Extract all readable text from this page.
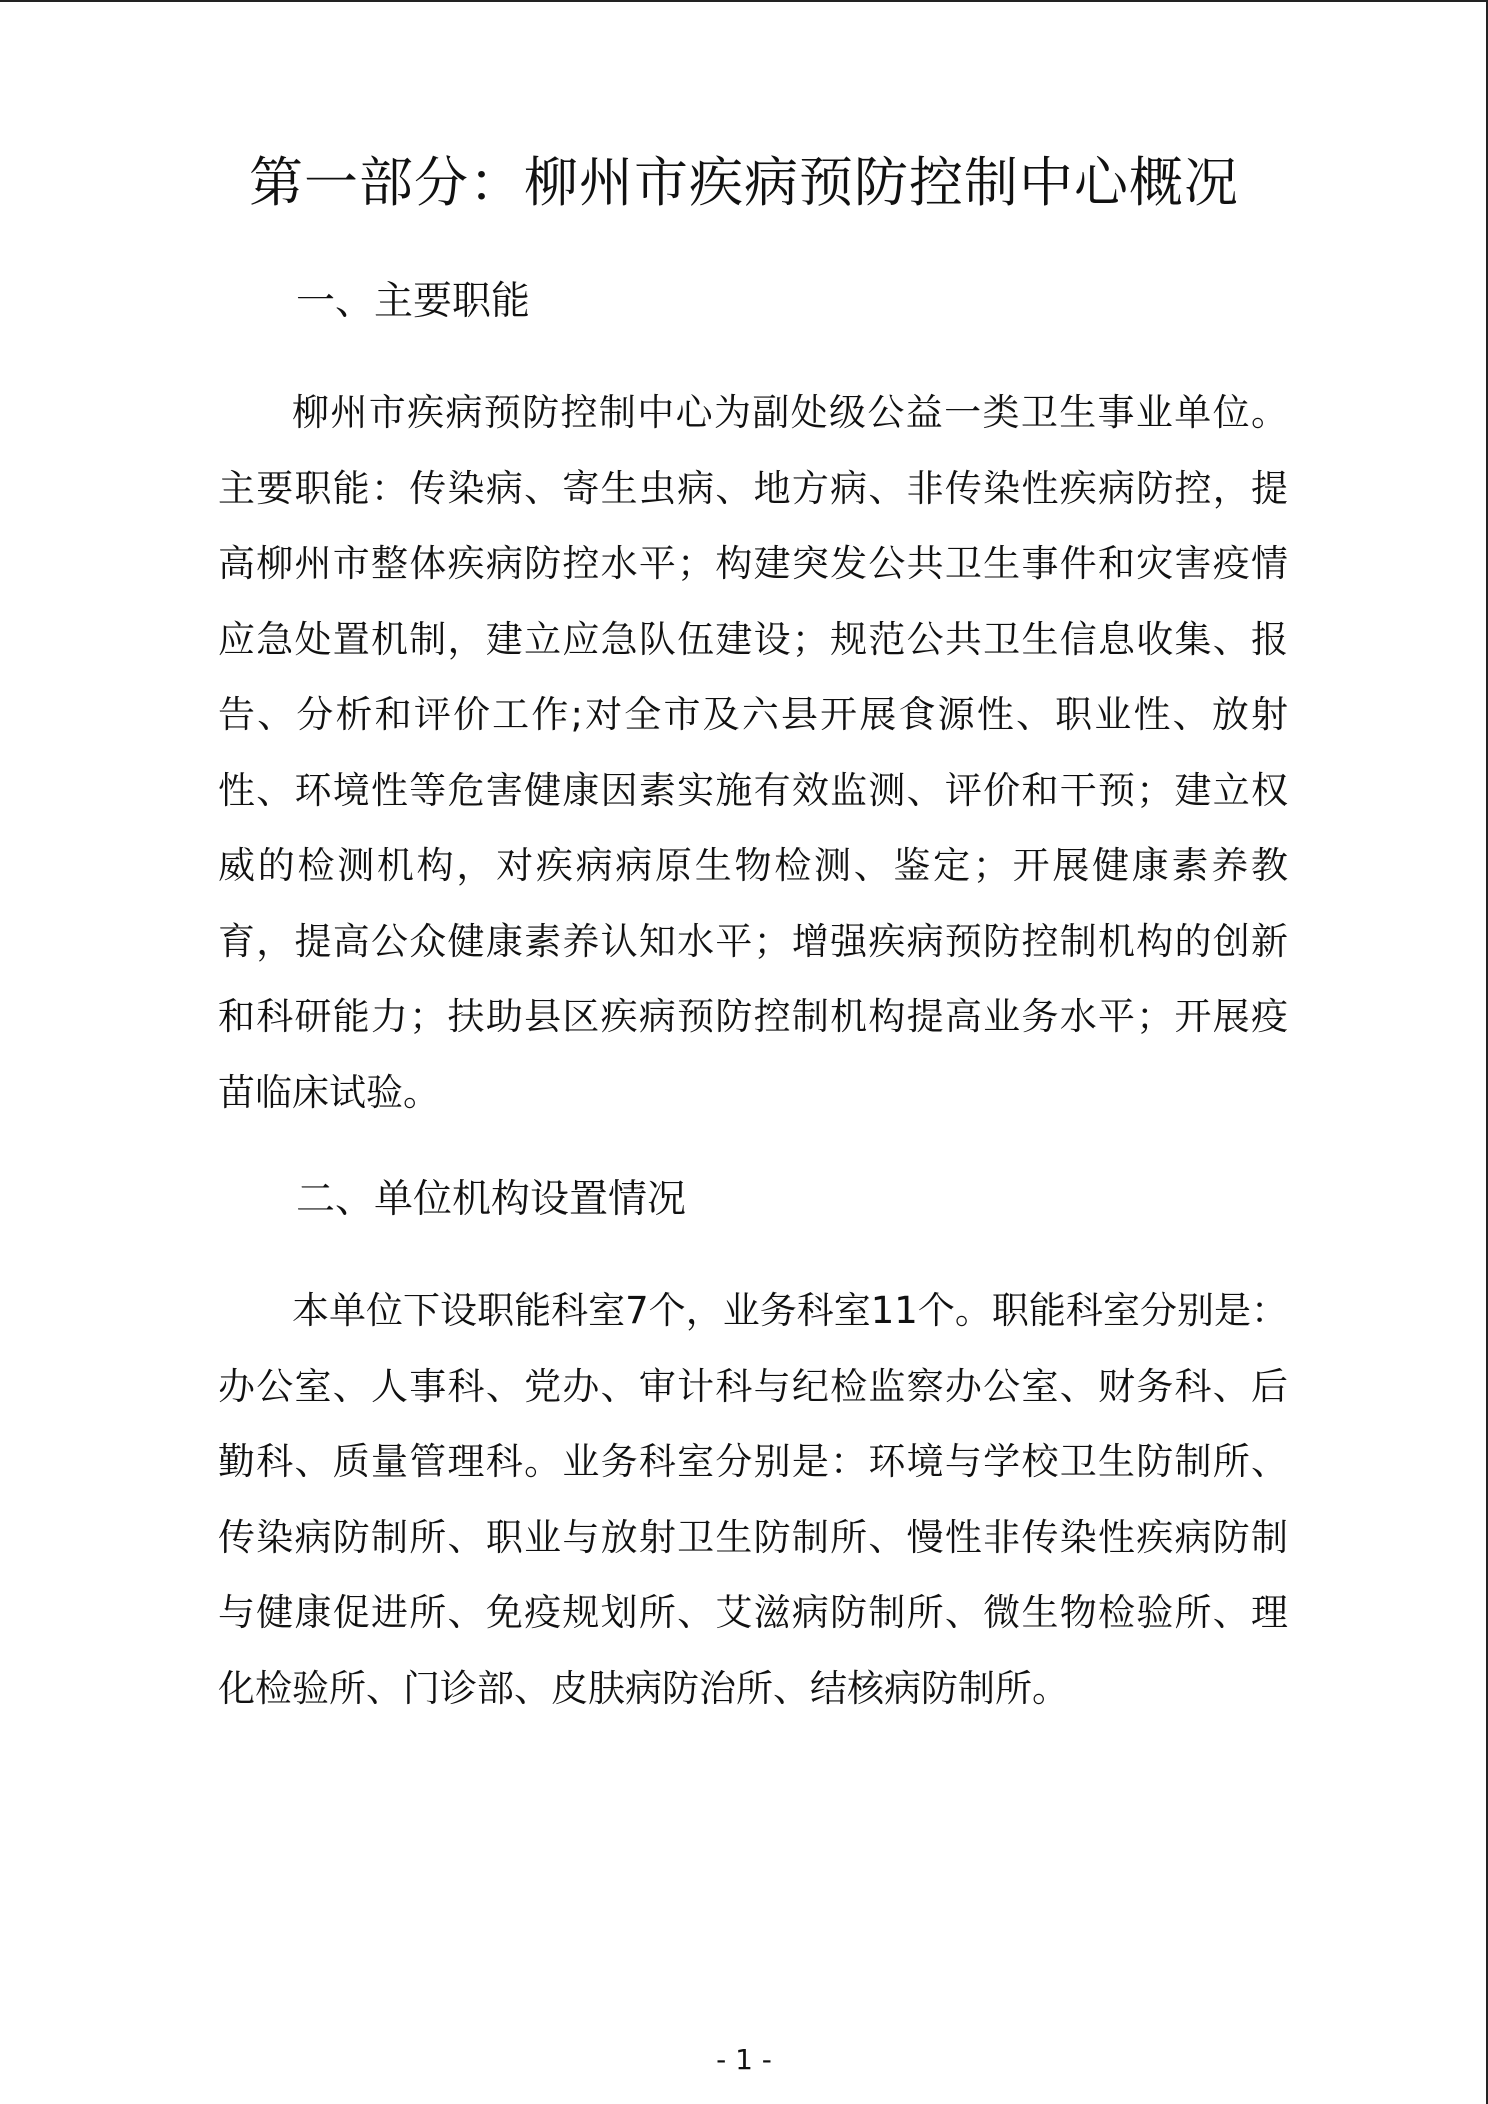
第一部分：柳州市疾病预防控制中心概况
一、主要职能

柳州市疾病预防控制中心为副处级公益一类卫生事业单位。

主要职能：传染病、寄生虫病、地方病、非传染性疾病防控，提

高柳州市整体疾病防控水平；构建突发公共卫生事件和灾害疫情

应急处置机制，建立应急队伍建设；规范公共卫生信息收集、报

告、分析和评价工作;对全市及六县开展食源性、职业性、放射

性、环境性等危害健康因素实施有效监测、评价和干预；建立权

威的检测机构，对疾病病原生物检测、鉴定；开展健康素养教

育，提高公众健康素养认知水平；增强疾病预防控制机构的创新

和科研能力；扶助县区疾病预防控制机构提高业务水平；开展疫

苗临床试验。

二、单位机构设置情况

本单位下设职能科室7个，业务科室11个。职能科室分别是：

办公室、人事科、党办、审计科与纪检监察办公室、财务科、后

勤科、质量管理科。业务科室分别是：环境与学校卫生防制所、

传染病防制所、职业与放射卫生防制所、慢性非传染性疾病防制

与健康促进所、免疫规划所、艾滋病防制所、微生物检验所、理

化检验所、门诊部、皮肤病防治所、结核病防制所。

- 1 -
